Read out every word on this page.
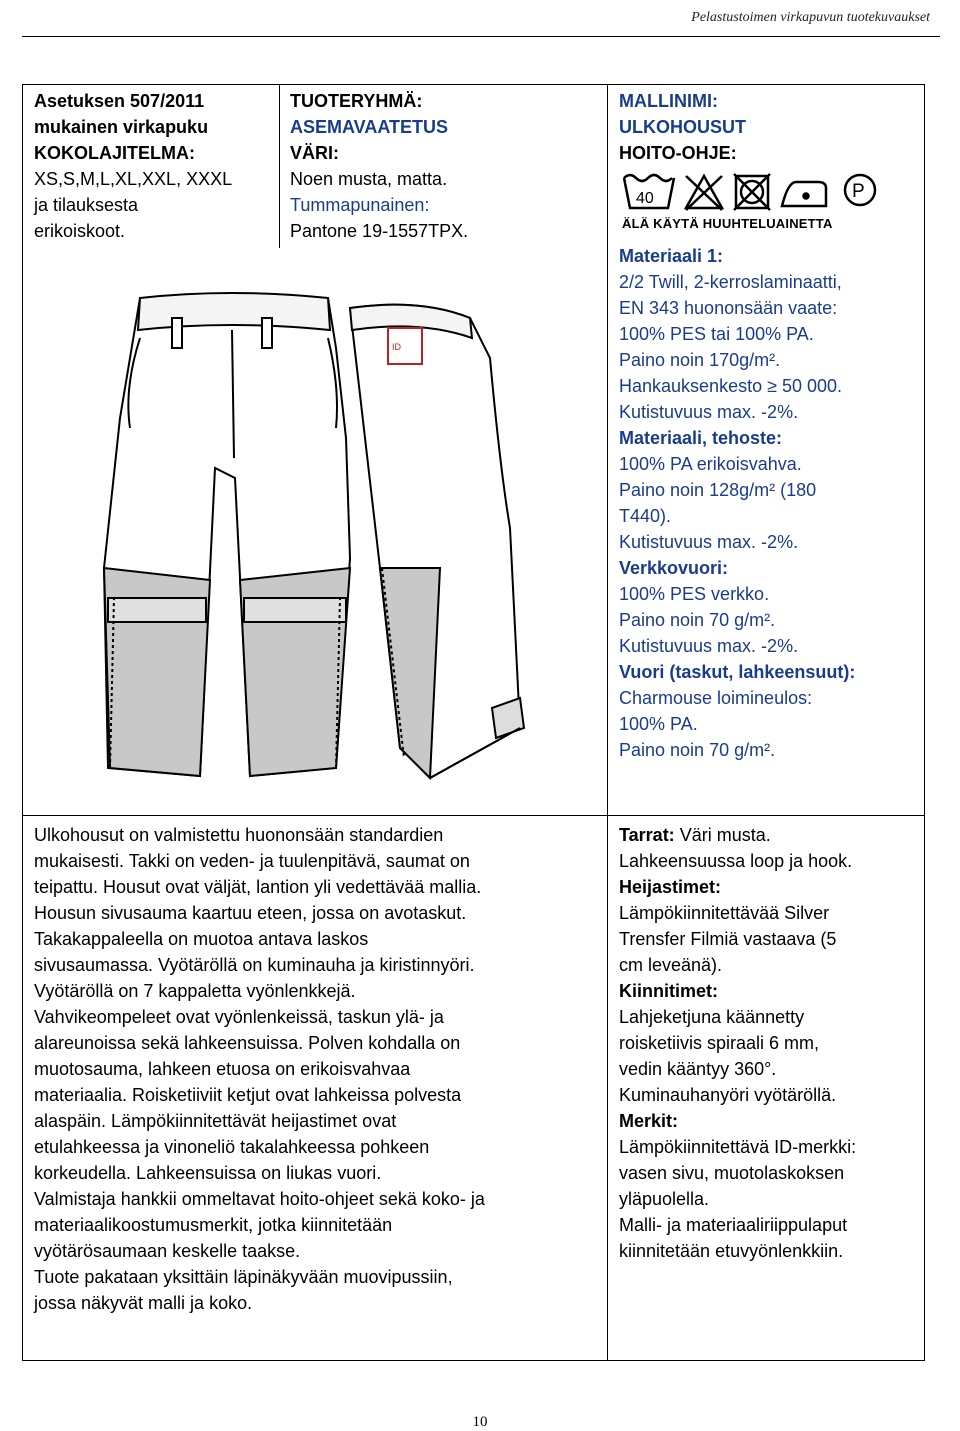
Pelastustoimen virkapuvun tuotekuvaukset

Asetuksen 507/2011

mukainen virkapuku

KOKOLAJITELMA:

XS,S,M,L,XL,XXL, XXXL

ja tilauksesta

erikoiskoot.

TUOTERYHMÄ:

ASEMAVAATETUS

VÄRI:

Noen musta, matta.

Tummapunainen:

Pantone 19-1557TPX.

MALLINIMI:

ULKOHOUSUT

HOITO-OHJE:

40	P
ÄLÄ KÄYTÄ HUUHTELUAINETTA

Materiaali 1:

2/2 Twill, 2-kerroslaminaatti,

EN 343 huononsään vaate:

100% PES tai 100% PA.

Paino noin 170g/m².

Hankauksenkesto ≥ 50 000.

Kutistuvuus max. -2%.

Materiaali, tehoste:

100% PA erikoisvahva.

Paino noin 128g/m² (180

T440).

Kutistuvuus max. -2%.

Verkkovuori:

100% PES verkko.

Paino noin 70 g/m².

Kutistuvuus max. -2%.

Vuori (taskut, lahkeensuut):

Charmouse loimineulos:

100% PA.

Paino noin 70 g/m².

ID

Ulkohousut on valmistettu huononsään standardien

mukaisesti. Takki on veden- ja tuulenpitävä, saumat on

teipattu. Housut ovat väljät, lantion yli vedettävää mallia.

Housun sivusauma kaartuu eteen, jossa on avotaskut.

Takakappaleella on muotoa antava laskos

sivusaumassa. Vyötäröllä on kuminauha ja kiristinnyöri.

Vyötäröllä on 7 kappaletta vyönlenkkejä.

Vahvikeompeleet ovat vyönlenkeissä, taskun ylä- ja

alareunoissa sekä lahkeensuissa. Polven kohdalla on

muotosauma, lahkeen etuosa on erikoisvahvaa

materiaalia. Roisketiiviit ketjut ovat lahkeissa polvesta

alaspäin. Lämpökiinnitettävät heijastimet ovat

etulahkeessa ja vinoneliö takalahkeessa pohkeen

korkeudella. Lahkeensuissa on liukas vuori.

Valmistaja hankkii ommeltavat hoito-ohjeet sekä koko- ja

materiaalikoostumusmerkit, jotka kiinnitetään

vyötärösaumaan keskelle taakse.

Tuote pakataan yksittäin läpinäkyvään muovipussiin,

jossa näkyvät malli ja koko.

Tarrat: Väri musta.

Lahkeensuussa loop ja hook.

Heijastimet:

Lämpökiinnitettävää Silver

Trensfer Filmiä vastaava (5

cm leveänä).

Kiinnitimet:

Lahjeketjuna käännetty

roisketiivis spiraali 6 mm,

vedin kääntyy 360°.

Kuminauhanyöri vyötäröllä.

Merkit:

Lämpökiinnitettävä ID-merkki:

vasen sivu, muotolaskoksen

yläpuolella.

Malli- ja materiaaliriippulaput

kiinnitetään etuvyönlenkkiin.

10
